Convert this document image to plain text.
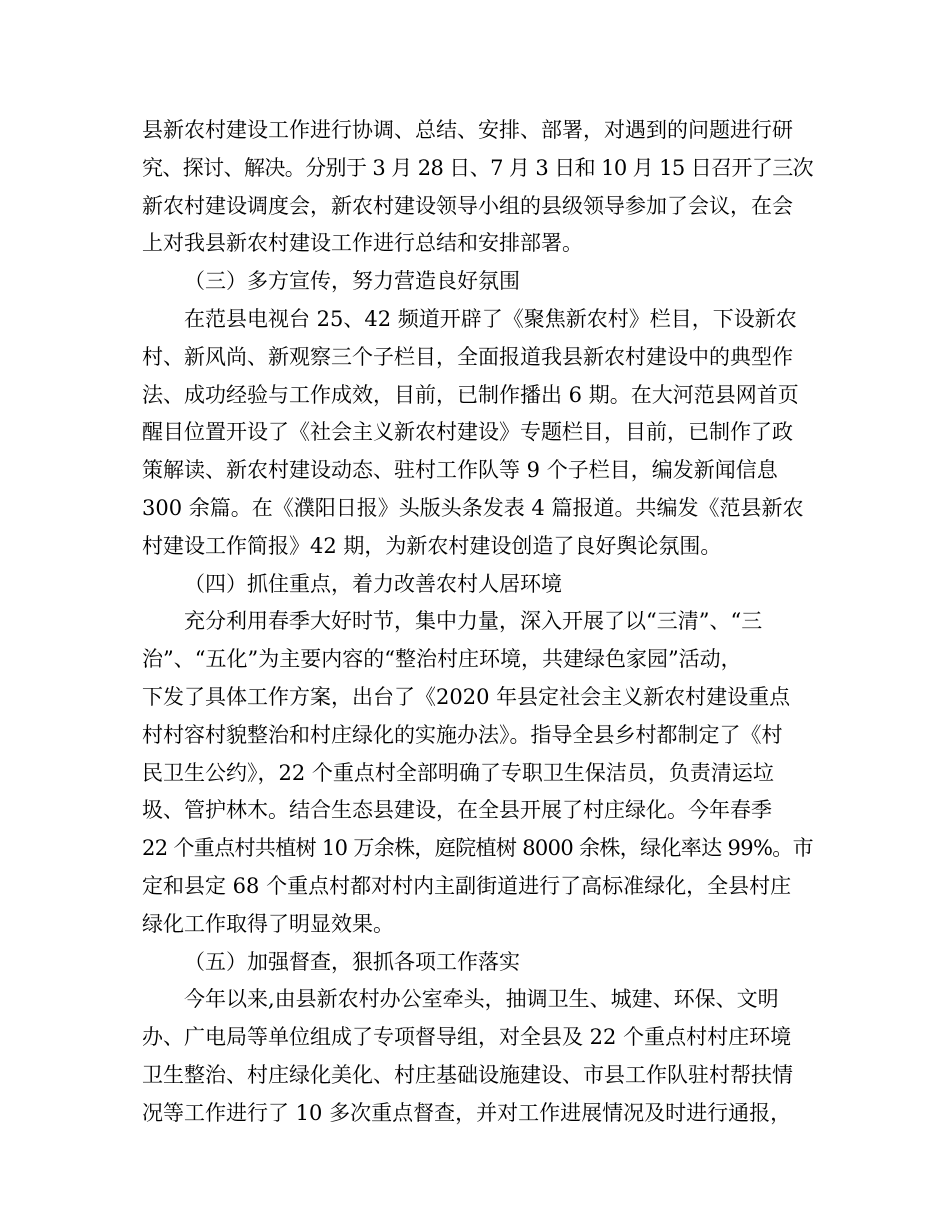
县新农村建设工作进行协调、总结、安排、部署，对遇到的问题进行研
究、探讨、解决。分别于 3 月 28 日、7 月 3 日和 10 月 15 日召开了三次
新农村建设调度会，新农村建设领导小组的县级领导参加了会议，在会
上对我县新农村建设工作进行总结和安排部署。
（三）多方宣传，努力营造良好氛围
在范县电视台 25、42 频道开辟了《聚焦新农村》栏目，下设新农
村、新风尚、新观察三个子栏目，全面报道我县新农村建设中的典型作
法、成功经验与工作成效，目前，已制作播出 6 期。在大河范县网首页
醒目位置开设了《社会主义新农村建设》专题栏目，目前，已制作了政
策解读、新农村建设动态、驻村工作队等 9 个子栏目，编发新闻信息
300 余篇。在《濮阳日报》头版头条发表 4 篇报道。共编发《范县新农
村建设工作简报》42 期，为新农村建设创造了良好舆论氛围。
（四）抓住重点，着力改善农村人居环境
充分利用春季大好时节，集中力量，深入开展了以“三清”、“三
治”、“五化”为主要内容的“整治村庄环境，共建绿色家园”活动，
下发了具体工作方案，出台了《2020 年县定社会主义新农村建设重点
村村容村貌整治和村庄绿化的实施办法》。指导全县乡村都制定了《村
民卫生公约》，22 个重点村全部明确了专职卫生保洁员，负责清运垃
圾、管护林木。结合生态县建设，在全县开展了村庄绿化。今年春季
22 个重点村共植树 10 万余株，庭院植树 8000 余株，绿化率达 99%。市
定和县定 68 个重点村都对村内主副街道进行了高标准绿化，全县村庄
绿化工作取得了明显效果。
（五）加强督查，狠抓各项工作落实
今年以来,由县新农村办公室牵头，抽调卫生、城建、环保、文明
办、广电局等单位组成了专项督导组，对全县及 22 个重点村村庄环境
卫生整治、村庄绿化美化、村庄基础设施建设、市县工作队驻村帮扶情
况等工作进行了 10 多次重点督查，并对工作进展情况及时进行通报，
